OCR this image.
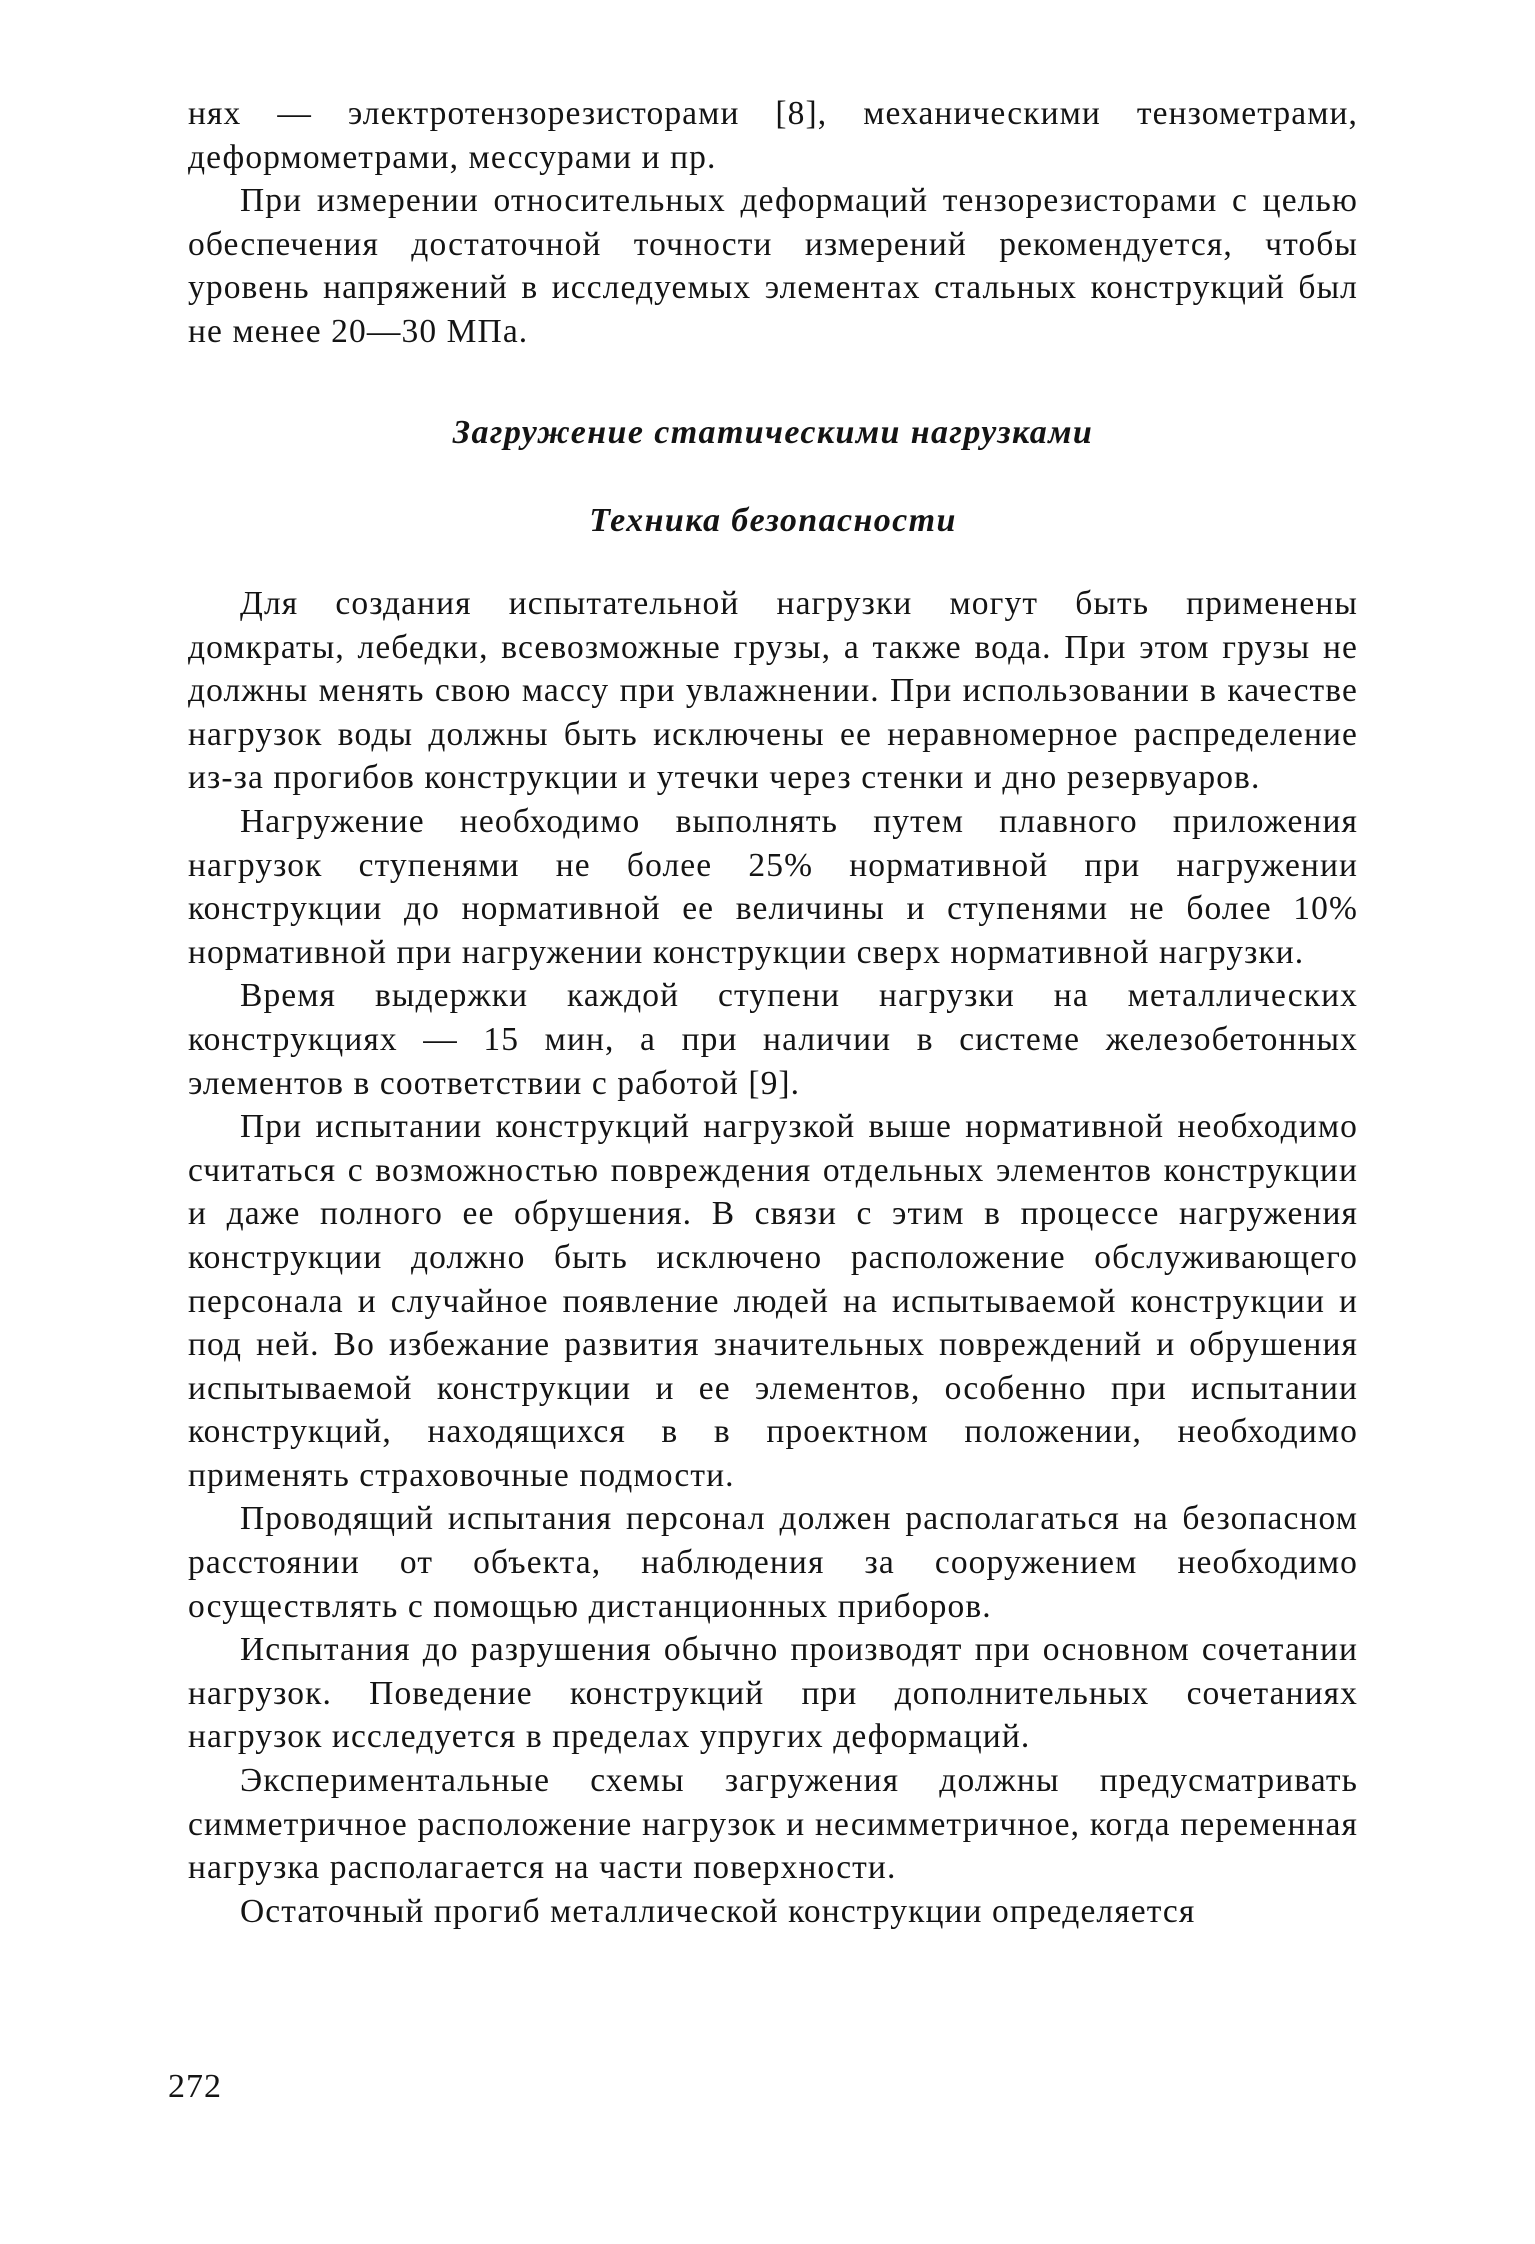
нях — электротензорезисторами [8], механическими тензометрами, деформометрами, мессурами и пр.

При измерении относительных деформаций тензорезисторами с целью обеспечения достаточной точности измерений рекомендуется, чтобы уровень напряжений в исследуемых элементах стальных конструкций был не менее 20—30 МПа.

Загружение статическими нагрузками
Техника безопасности

Для создания испытательной нагрузки могут быть применены домкраты, лебедки, всевозможные грузы, а также вода. При этом грузы не должны менять свою массу при увлажнении. При использовании в качестве нагрузок воды должны быть исключены ее неравномерное распределение из-за прогибов конструкции и утечки через стенки и дно резервуаров.

Нагружение необходимо выполнять путем плавного приложения нагрузок ступенями не более 25% нормативной при нагружении конструкции до нормативной ее величины и ступенями не более 10% нормативной при нагружении конструкции сверх нормативной нагрузки.

Время выдержки каждой ступени нагрузки на металлических конструкциях — 15 мин, а при наличии в системе железобетонных элементов в соответствии с работой [9].

При испытании конструкций нагрузкой выше нормативной необходимо считаться с возможностью повреждения отдельных элементов конструкции и даже полного ее обрушения. В связи с этим в процессе нагружения конструкции должно быть исключено расположение обслуживающего персонала и случайное появление людей на испытываемой конструкции и под ней. Во избежание развития значительных повреждений и обрушения испытываемой конструкции и ее элементов, особенно при испытании конструкций, находящихся в в проектном положении, необходимо применять страховочные подмости.

Проводящий испытания персонал должен располагаться на безопасном расстоянии от объекта, наблюдения за сооружением необходимо осуществлять с помощью дистанционных приборов.

Испытания до разрушения обычно производят при основном сочетании нагрузок. Поведение конструкций при дополнительных сочетаниях нагрузок исследуется в пределах упругих деформаций.

Экспериментальные схемы загружения должны предусматривать симметричное расположение нагрузок и несимметричное, когда переменная нагрузка располагается на части поверхности.

Остаточный прогиб металлической конструкции определяется

272
